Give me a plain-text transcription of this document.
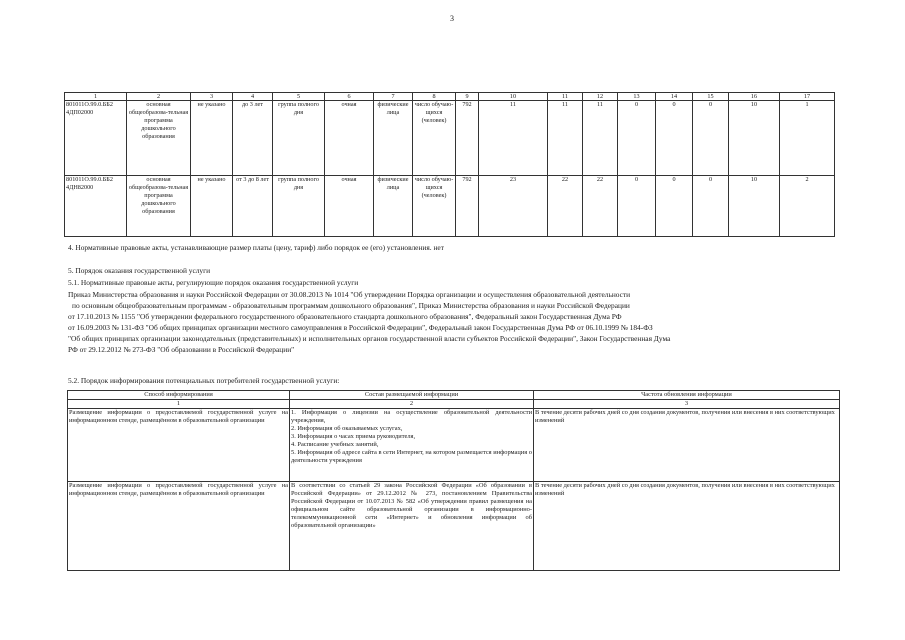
3
1	2	3	4	5	6	7	8	9	10	11	12	13	14	15	16	17
801011О.99.0.ББ2 4ДП02000	основная общеобразова-тельная программа дошкольного образования	не указано	до 3 лет	группа полного дня	очная	физические лица	число обучаю-щихся (человек)	792	11	11	11	0	0	0	10	1
801011О.99.0.ББ2 4ДН82000	основная общеобразова-тельная программа дошкольного образования	не указано	от 3 до 8 лет	группа полного дня	очная	физические лица	число обучаю-щихся (человек)	792	23	22	22	0	0	0	10	2
4. Нормативные правовые акты, устанавливающие размер платы (цену, тариф) либо порядок ее (его) установления. нет
5. Порядок оказания государственной услуги
5.1. Нормативные правовые акты, регулирующие порядок оказания государственной услуги
Приказ Министерства образования и науки Российской Федерации от 30.08.2013 № 1014 "Об утверждении Порядка организации и осуществления образовательной деятельности
по основным общеобразовательным программам - образовательным программам дошкольного образования", Приказ Министерства образования и науки Российской Федерации
от 17.10.2013 № 1155 "Об утверждении федерального государственного образовательного стандарта дошкольного образования", Федеральный закон Государственная Дума РФ
от 16.09.2003 № 131-ФЗ "Об общих принципах организации местного самоуправления в Российской Федерации", Федеральный закон Государственная Дума РФ от 06.10.1999 № 184-ФЗ
"Об общих принципах организации законодательных (представительных) и исполнительных органов государственной власти субъектов Российской Федерации", Закон Государственная Дума
РФ от 29.12.2012 № 273-ФЗ "Об образовании в Российской Федерации"
5.2. Порядок информирования потенциальных потребителей государственной услуги:
Способ информирования	Состав размещаемой информации	Частота обновления информации
1	2	3
Размещение информации о предоставляемой государственной услуге на информационном стенде, размещённом в образовательной организации	1. Информация о лицензии на осуществление образовательной деятельности учреждения,
2. Информация об оказываемых услугах,
3. Информация о часах приема руководителя,
4. Расписание учебных занятий,
5. Информация об адресе сайта в сети Интернет, на котором размещается информация о деятельности учреждения	В течение десяти рабочих дней со дня создания документов, получения или внесения в них соответствующих изменений
Размещение информации о предоставляемой государственной услуге на информационном стенде, размещённом в образовательной организации	В соответствии со статьей 29 закона Российской Федерации «Об образовании в Российской Федерации» от 29.12.2012 № 273, постановлением Правительства Российской Федерации от 10.07.2013 № 582 «Об утверждении правил размещения на официальном сайте образовательной организации в информационно-телекоммуникационной сети «Интернет» и обновления информации об образовательной организации»	В течение десяти рабочих дней со дня создания документов, получения или внесения в них соответствующих изменений
